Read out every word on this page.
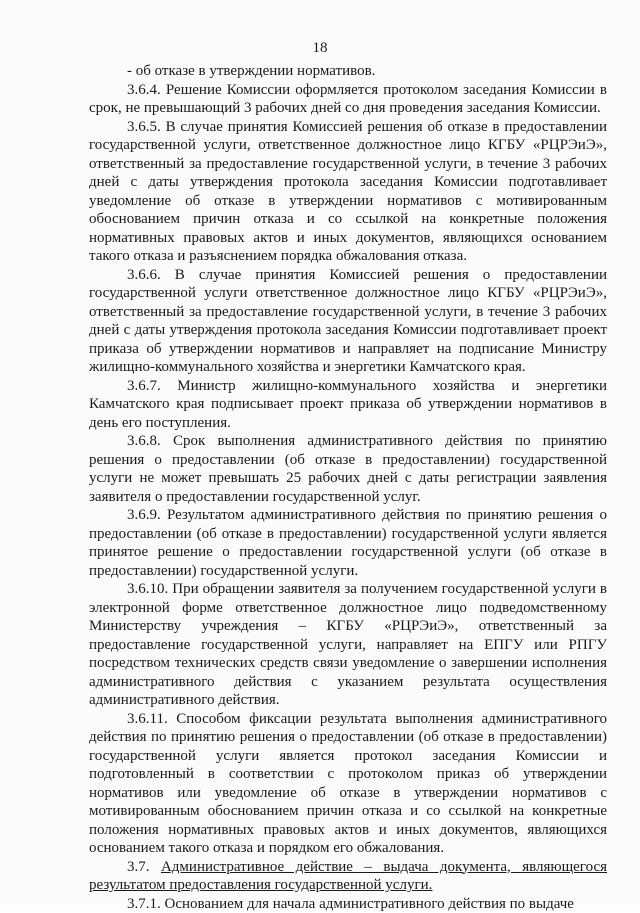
18

- об отказе в утверждении нормативов.

3.6.4. Решение Комиссии оформляется протоколом заседания Комиссии в срок, не превышающий 3 рабочих дней со дня проведения заседания Комиссии.

3.6.5. В случае принятия Комиссией решения об отказе в предоставлении государственной услуги, ответственное должностное лицо КГБУ «РЦРЭиЭ», ответственный за предоставление государственной услуги, в течение 3 рабочих дней с даты утверждения протокола заседания Комиссии подготавливает уведомление об отказе в утверждении нормативов с мотивированным обоснованием причин отказа и со ссылкой на конкретные положения нормативных правовых актов и иных документов, являющихся основанием такого отказа и разъяснением порядка обжалования отказа.

3.6.6. В случае принятия Комиссией решения о предоставлении государственной услуги ответственное должностное лицо КГБУ «РЦРЭиЭ», ответственный за предоставление государственной услуги, в течение 3 рабочих дней с даты утверждения протокола заседания Комиссии подготавливает проект приказа об утверждении нормативов и направляет на подписание Министру жилищно-коммунального хозяйства и энергетики Камчатского края.

3.6.7. Министр жилищно-коммунального хозяйства и энергетики Камчатского края подписывает проект приказа об утверждении нормативов в день его поступления.

3.6.8. Срок выполнения административного действия по принятию решения о предоставлении (об отказе в предоставлении) государственной услуги не может превышать 25 рабочих дней с даты регистрации заявления заявителя о предоставлении государственной услуг.

3.6.9. Результатом административного действия по принятию решения о предоставлении (об отказе в предоставлении) государственной услуги является принятое решение о предоставлении государственной услуги (об отказе в предоставлении) государственной услуги.

3.6.10. При обращении заявителя за получением государственной услуги в электронной форме ответственное должностное лицо подведомственному Министерству учреждения – КГБУ «РЦРЭиЭ», ответственный за предоставление государственной услуги, направляет на ЕПГУ или РПГУ посредством технических средств связи уведомление о завершении исполнения административного действия с указанием результата осуществления административного действия.

3.6.11. Способом фиксации результата выполнения административного действия по принятию решения о предоставлении (об отказе в предоставлении) государственной услуги является протокол заседания Комиссии и подготовленный в соответствии с протоколом приказ об утверждении нормативов или уведомление об отказе в утверждении нормативов с мотивированным обоснованием причин отказа и со ссылкой на конкретные положения нормативных правовых актов и иных документов, являющихся основанием такого отказа и порядком его обжалования.

3.7. Административное действие – выдача документа, являющегося результатом предоставления государственной услуги.

3.7.1. Основанием для начала административного действия по выдаче
